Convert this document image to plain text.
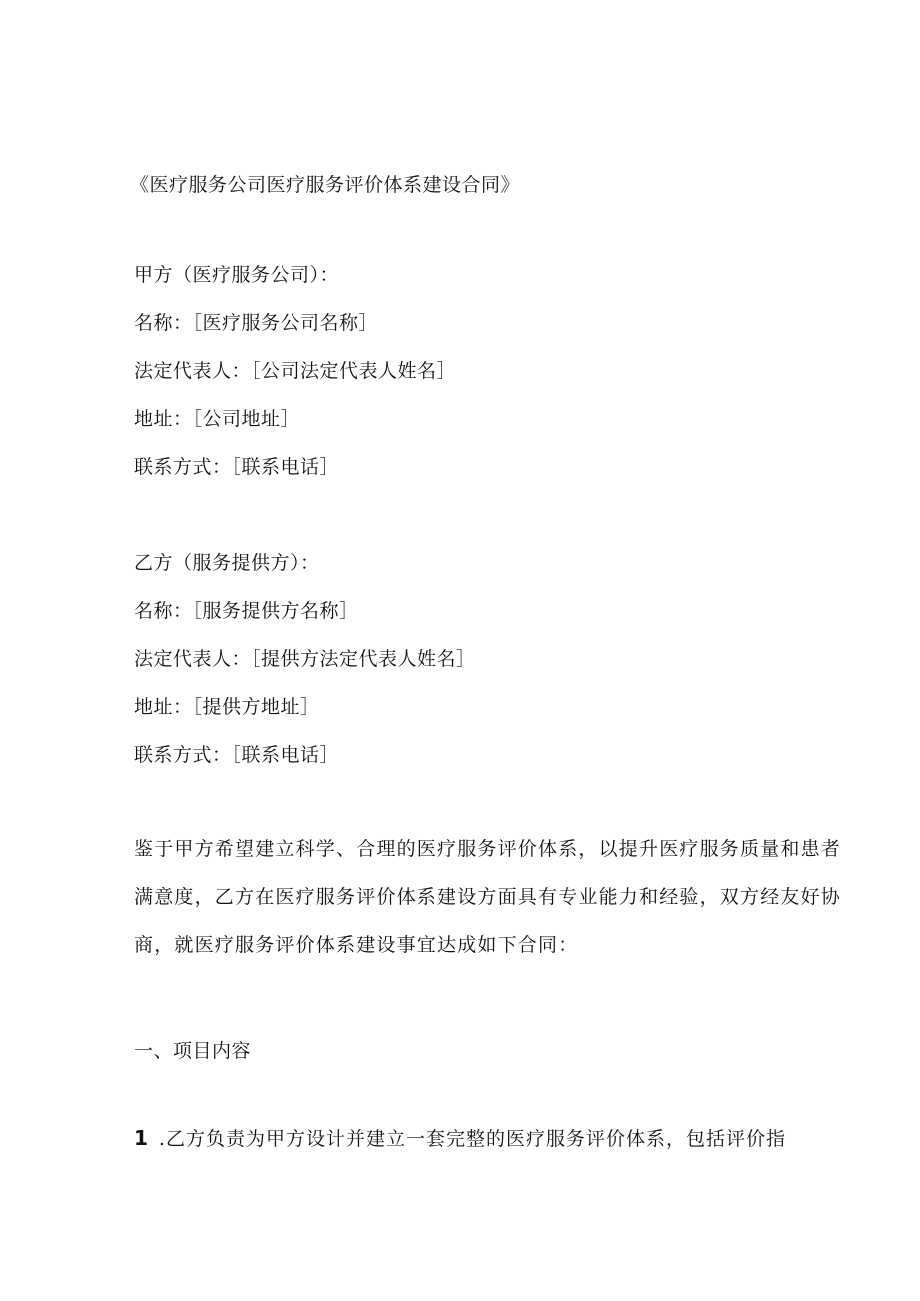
《医疗服务公司医疗服务评价体系建设合同》
甲方（医疗服务公司）：
名称：［医疗服务公司名称］
法定代表人：［公司法定代表人姓名］
地址：［公司地址］
联系方式：［联系电话］
乙方（服务提供方）：
名称：［服务提供方名称］
法定代表人：［提供方法定代表人姓名］
地址：［提供方地址］
联系方式：［联系电话］
鉴于甲方希望建立科学、合理的医疗服务评价体系，以提升医疗服务质量和患者
满意度，乙方在医疗服务评价体系建设方面具有专业能力和经验，双方经友好协
商，就医疗服务评价体系建设事宜达成如下合同：
一、项目内容
1 .乙方负责为甲方设计并建立一套完整的医疗服务评价体系，包括评价指
